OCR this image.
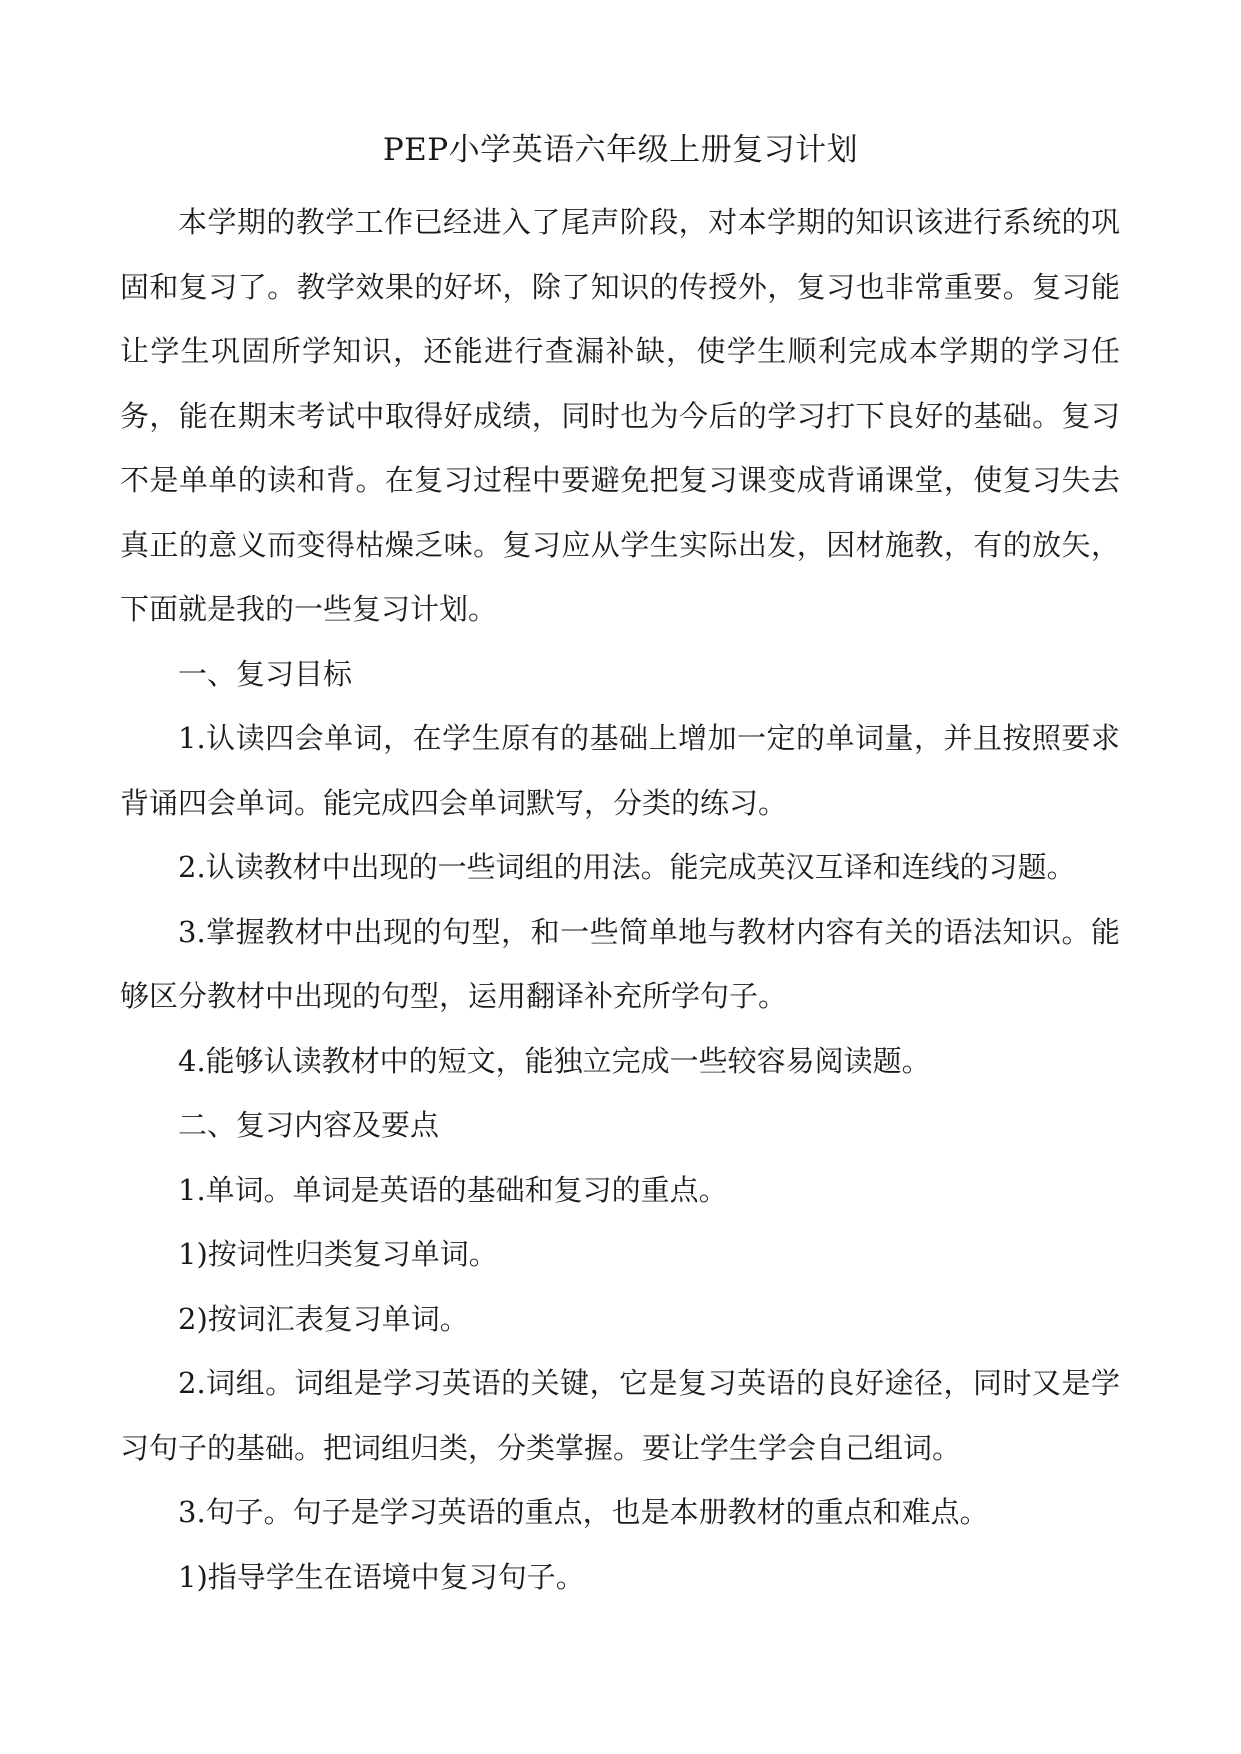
PEP小学英语六年级上册复习计划

本学期的教学工作已经进入了尾声阶段，对本学期的知识该进行系统的巩固和复习了。教学效果的好坏，除了知识的传授外，复习也非常重要。复习能让学生巩固所学知识，还能进行查漏补缺，使学生顺利完成本学期的学习任务，能在期末考试中取得好成绩，同时也为今后的学习打下良好的基础。复习不是单单的读和背。在复习过程中要避免把复习课变成背诵课堂，使复习失去真正的意义而变得枯燥乏味。复习应从学生实际出发，因材施教，有的放矢，下面就是我的一些复习计划。

一、复习目标

1.认读四会单词，在学生原有的基础上增加一定的单词量，并且按照要求背诵四会单词。能完成四会单词默写，分类的练习。

2.认读教材中出现的一些词组的用法。能完成英汉互译和连线的习题。

3.掌握教材中出现的句型，和一些简单地与教材内容有关的语法知识。能够区分教材中出现的句型，运用翻译补充所学句子。

4.能够认读教材中的短文，能独立完成一些较容易阅读题。

二、复习内容及要点

1.单词。单词是英语的基础和复习的重点。

1)按词性归类复习单词。

2)按词汇表复习单词。

2.词组。词组是学习英语的关键，它是复习英语的良好途径，同时又是学习句子的基础。把词组归类，分类掌握。要让学生学会自己组词。

3.句子。句子是学习英语的重点，也是本册教材的重点和难点。

1)指导学生在语境中复习句子。
